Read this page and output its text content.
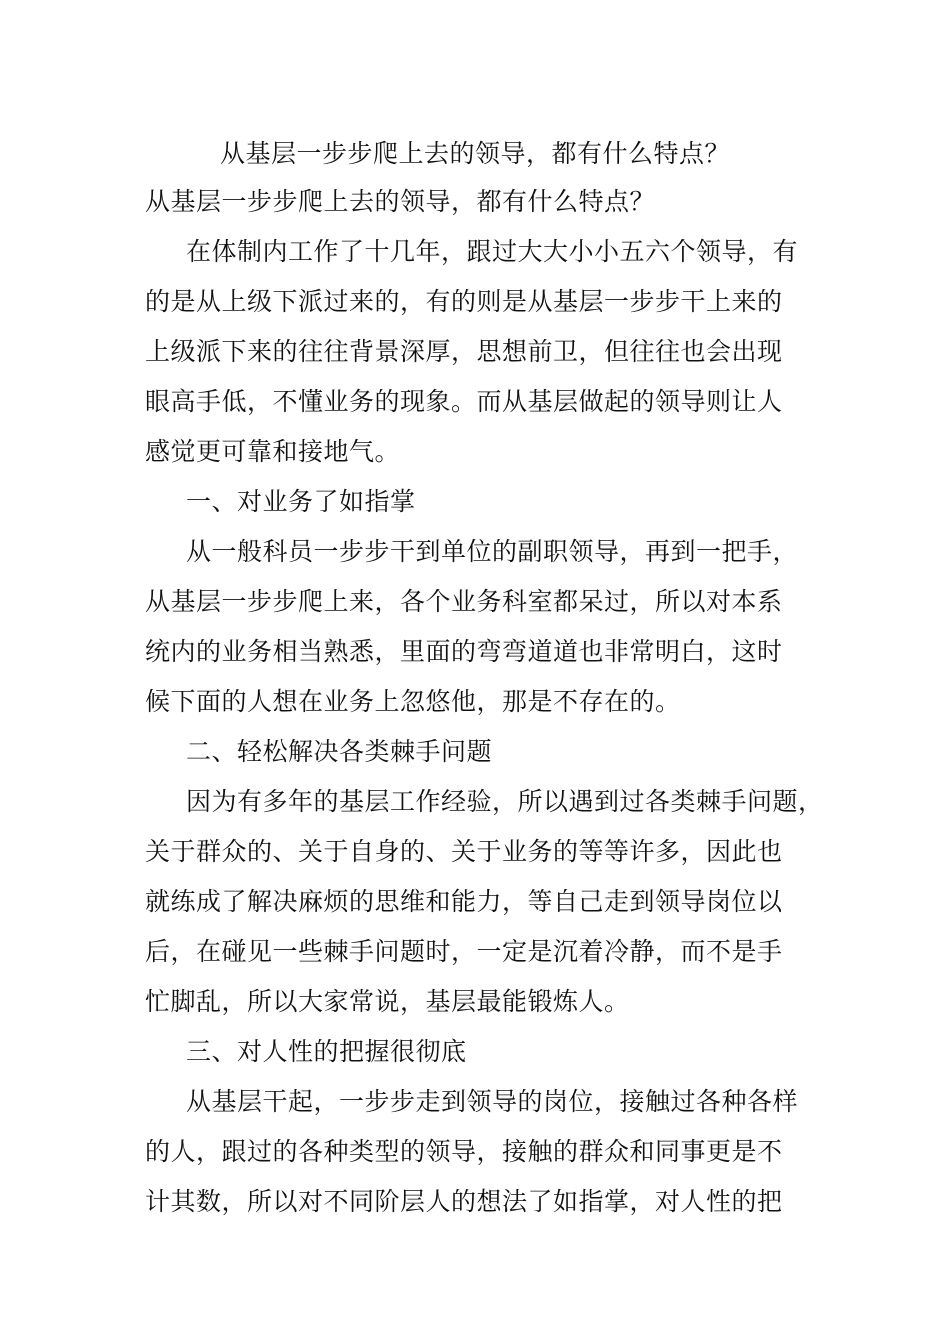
从基层一步步爬上去的领导，都有什么特点？
从基层一步步爬上去的领导，都有什么特点？
在体制内工作了十几年，跟过大大小小五六个领导，有
的是从上级下派过来的，有的则是从基层一步步干上来的
上级派下来的往往背景深厚，思想前卫，但往往也会出现
眼高手低，不懂业务的现象。而从基层做起的领导则让人
感觉更可靠和接地气。
一、对业务了如指掌
从一般科员一步步干到单位的副职领导，再到一把手，
从基层一步步爬上来，各个业务科室都呆过，所以对本系
统内的业务相当熟悉，里面的弯弯道道也非常明白，这时
候下面的人想在业务上忽悠他，那是不存在的。
二、轻松解决各类棘手问题
因为有多年的基层工作经验，所以遇到过各类棘手问题，
关于群众的、关于自身的、关于业务的等等许多，因此也
就练成了解决麻烦的思维和能力，等自己走到领导岗位以
后，在碰见一些棘手问题时，一定是沉着冷静，而不是手
忙脚乱，所以大家常说，基层最能锻炼人。
三、对人性的把握很彻底
从基层干起，一步步走到领导的岗位，接触过各种各样
的人，跟过的各种类型的领导，接触的群众和同事更是不
计其数，所以对不同阶层人的想法了如指掌，对人性的把
